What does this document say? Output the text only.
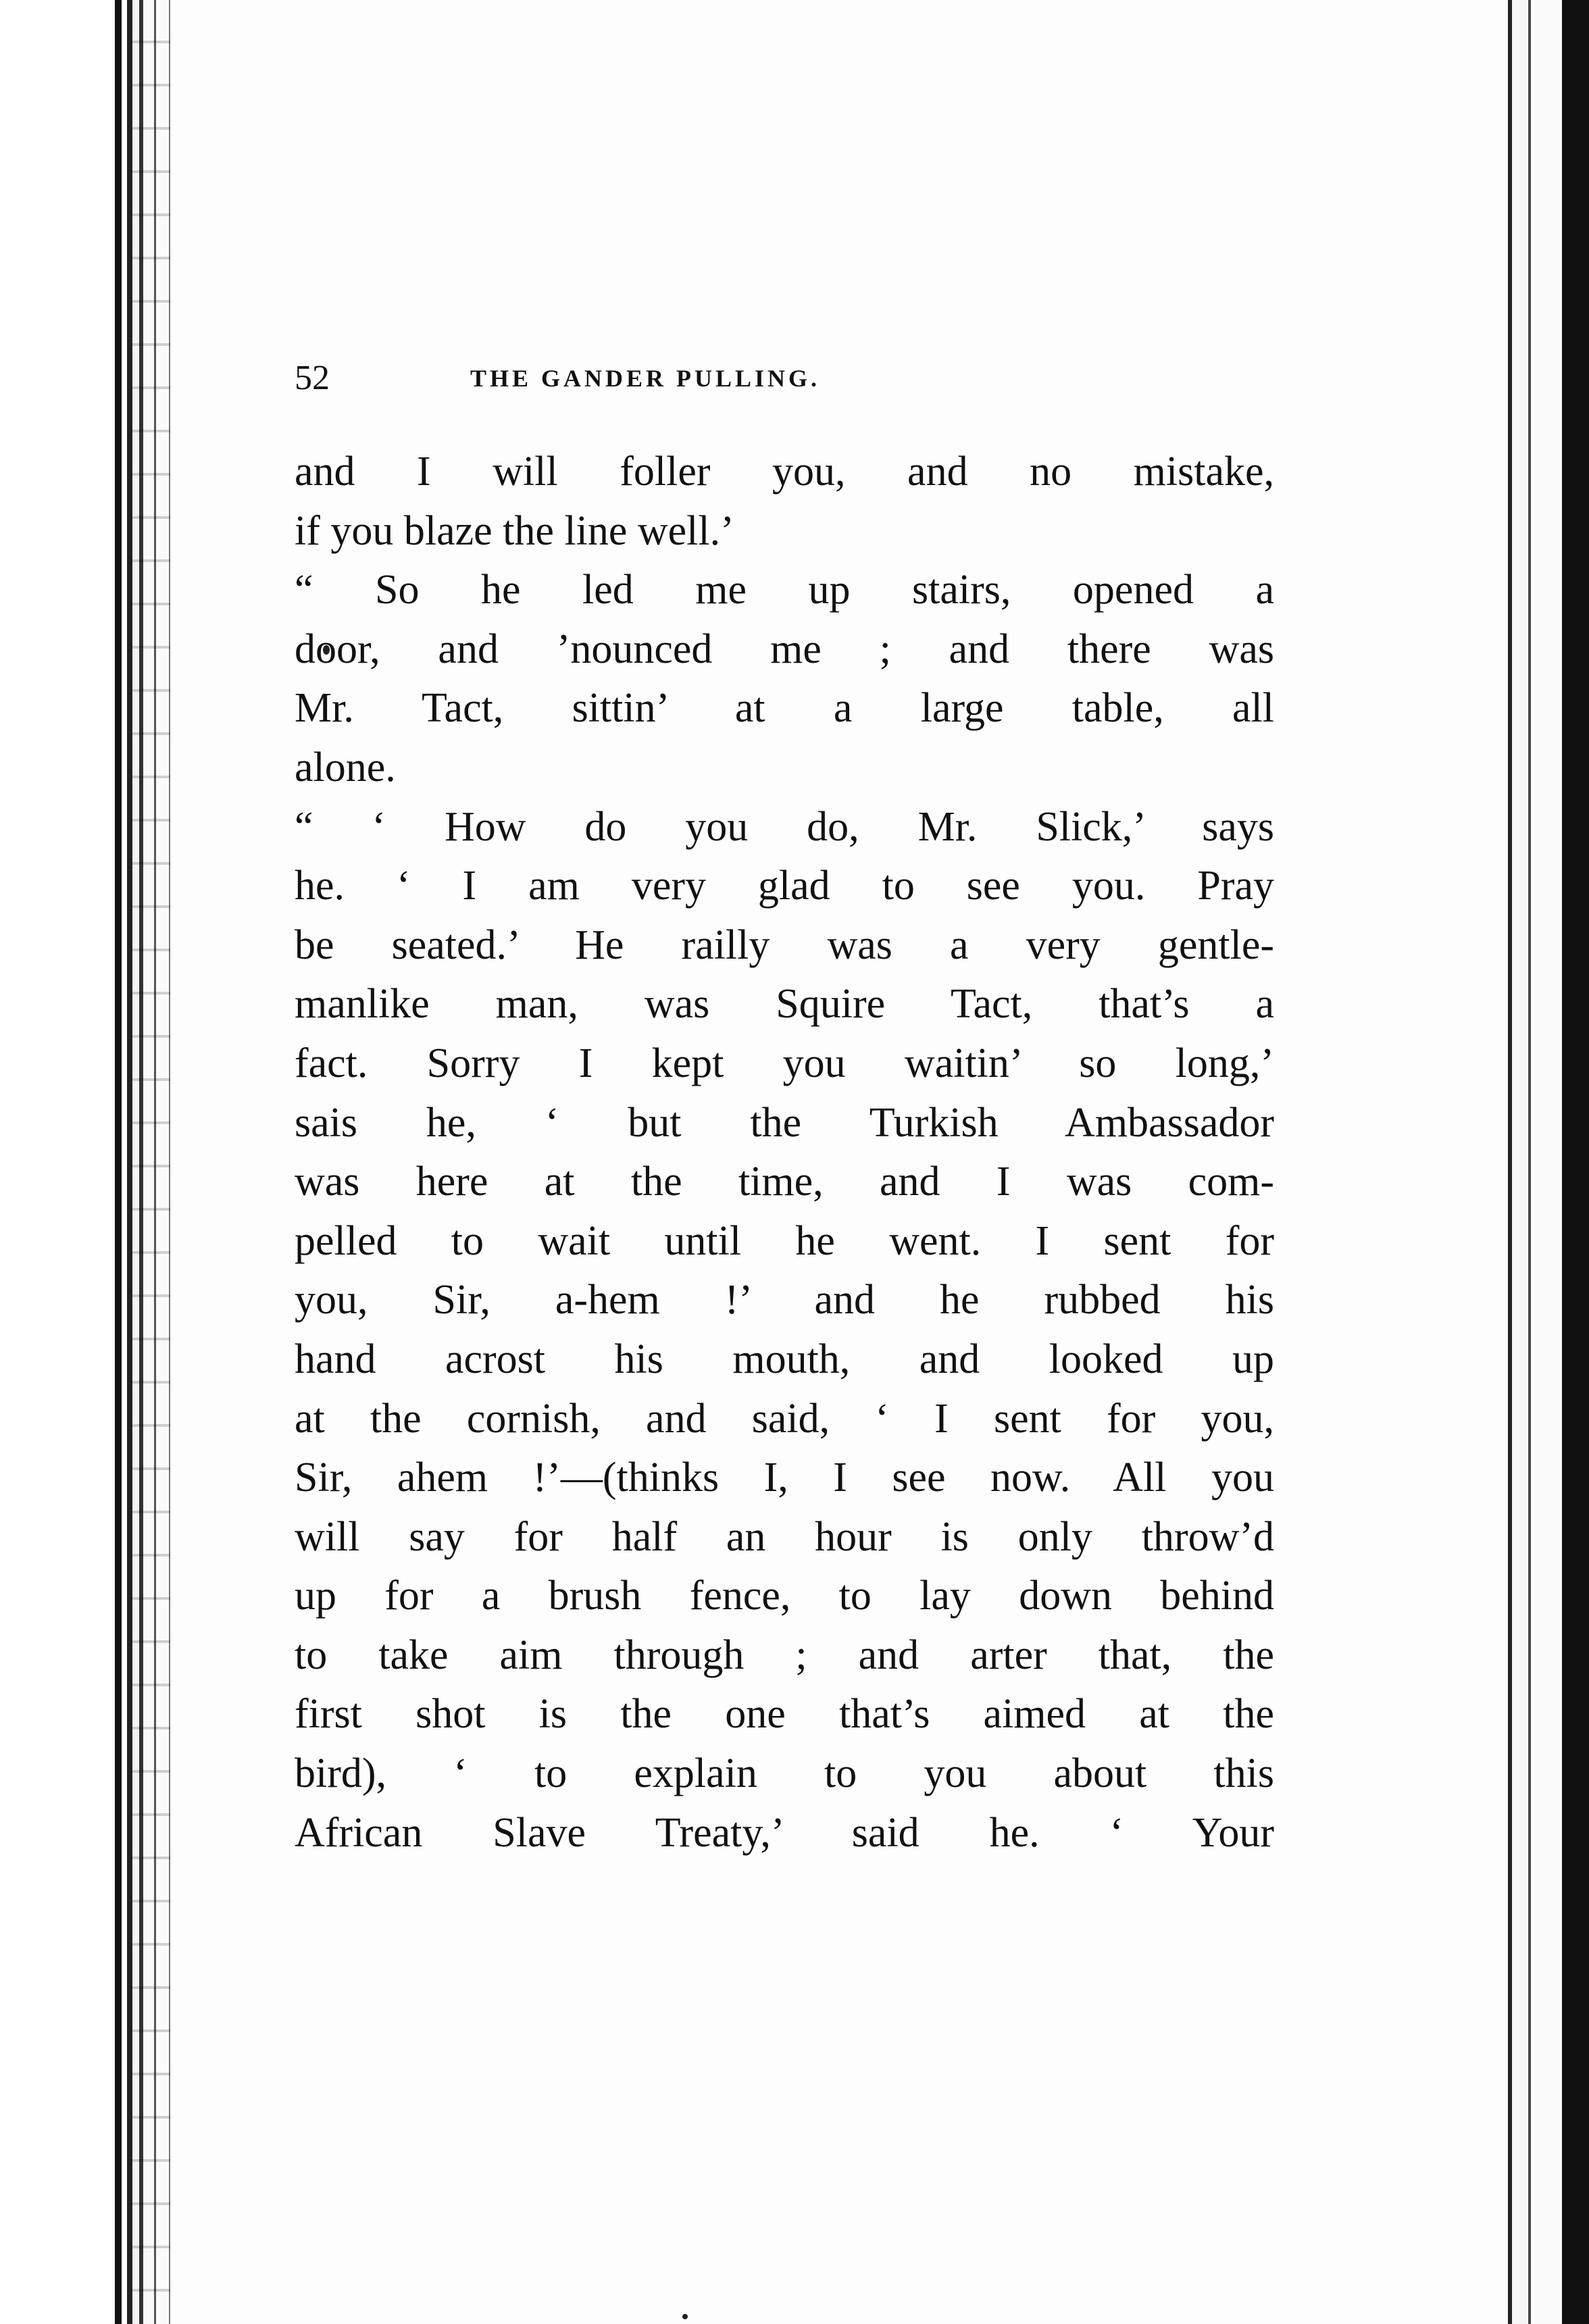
52	THE GANDER PULLING.
and I will foller you, and no mistake,
if you blaze the line well.’
“ So he led me up stairs, opened a
door, and ’nounced me ; and there was
Mr. Tact, sittin’ at a large table, all
alone.
“ ‘ How do you do, Mr. Slick,’ says
he. ‘ I am very glad to see you. Pray
be seated.’ He railly was a very gentle-
manlike man, was Squire Tact, that’s a
fact. Sorry I kept you waitin’ so long,’
sais he, ‘ but the Turkish Ambassador
was here at the time, and I was com-
pelled to wait until he went. I sent for
you, Sir, a-hem !’ and he rubbed his
hand acrost his mouth, and looked up
at the cornish, and said, ‘ I sent for you,
Sir, ahem !’—(thinks I, I see now. All you
will say for half an hour is only throw’d
up for a brush fence, to lay down behind
to take aim through ; and arter that, the
first shot is the one that’s aimed at the
bird), ‘ to explain to you about this
African Slave Treaty,’ said he. ‘ Your
